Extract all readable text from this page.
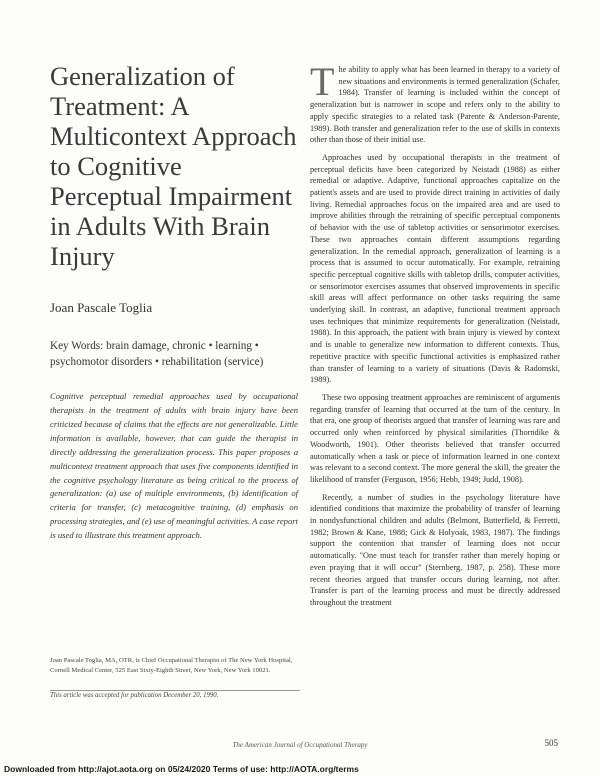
Generalization of Treatment: A Multicontext Approach to Cognitive Perceptual Impairment in Adults With Brain Injury
Joan Pascale Toglia
Key Words: brain damage, chronic • learning • psychomotor disorders • rehabilitation (service)
Cognitive perceptual remedial approaches used by occupational therapists in the treatment of adults with brain injury have been criticized because of claims that the effects are not generalizable. Little information is available, however, that can guide the therapist in directly addressing the generalization process. This paper proposes a multicontext treatment approach that uses five components identified in the cognitive psychology literature as being critical to the process of generalization: (a) use of multiple environments, (b) identification of criteria for transfer, (c) metacognitive training, (d) emphasis on processing strategies, and (e) use of meaningful activities. A case report is used to illustrate this treatment approach.
Joan Pascale Toglia, MA, OTR, is Chief Occupational Therapist of The New York Hospital, Cornell Medical Center, 525 East Sixty-Eighth Street, New York, New York 10021.
This article was accepted for publication December 20, 1990.

The ability to apply what has been learned in therapy to a variety of new situations and environments is termed generalization (Schafer, 1984). Transfer of learning is included within the concept of generalization but is narrower in scope and refers only to the ability to apply specific strategies to a related task (Parente & Anderson-Parente, 1989). Both transfer and generalization refer to the use of skills in contexts other than those of their initial use.

Approaches used by occupational therapists in the treatment of perceptual deficits have been categorized by Neistadt (1988) as either remedial or adaptive. Adaptive, functional approaches capitalize on the patient's assets and are used to provide direct training in activities of daily living. Remedial approaches focus on the impaired area and are used to improve abilities through the retraining of specific perceptual components of behavior with the use of tabletop activities or sensorimotor exercises. These two approaches contain different assumptions regarding generalization. In the remedial approach, generalization of learning is a process that is assumed to occur automatically. For example, retraining specific perceptual cognitive skills with tabletop drills, computer activities, or sensorimotor exercises assumes that observed improvements in specific skill areas will affect performance on other tasks requiring the same underlying skill. In contrast, an adaptive, functional treatment approach uses techniques that minimize requirements for generalization (Neistadt, 1988). In this approach, the patient with brain injury is viewed by context and is unable to generalize new information to different contexts. Thus, repetitive practice with specific functional activities is emphasized rather than transfer of learning to a variety of situations (Davis & Radomski, 1989).

These two opposing treatment approaches are reminiscent of arguments regarding transfer of learning that occurred at the turn of the century. In that era, one group of theorists argued that transfer of learning was rare and occurred only when reinforced by physical similarities (Thorndike & Woodworth, 1901). Other theorists believed that transfer occurred automatically when a task or piece of information learned in one context was relevant to a second context. The more general the skill, the greater the likelihood of transfer (Ferguson, 1956; Hebb, 1949; Judd, 1908).

Recently, a number of studies in the psychology literature have identified conditions that maximize the probability of transfer of learning in nondysfunctional children and adults (Belmont, Butterfield, & Ferretti, 1982; Brown & Kane, 1988; Gick & Holyoak, 1983, 1987). The findings support the contention that transfer of learning does not occur automatically. "One must teach for transfer rather than merely hoping or even praying that it will occur" (Sternberg, 1987, p. 258). These more recent theories argued that transfer occurs during learning, not after. Transfer is part of the learning process and must be directly addressed throughout the treatment

The American Journal of Occupational Therapy	505
Downloaded from http://ajot.aota.org on 05/24/2020 Terms of use: http://AOTA.org/terms
